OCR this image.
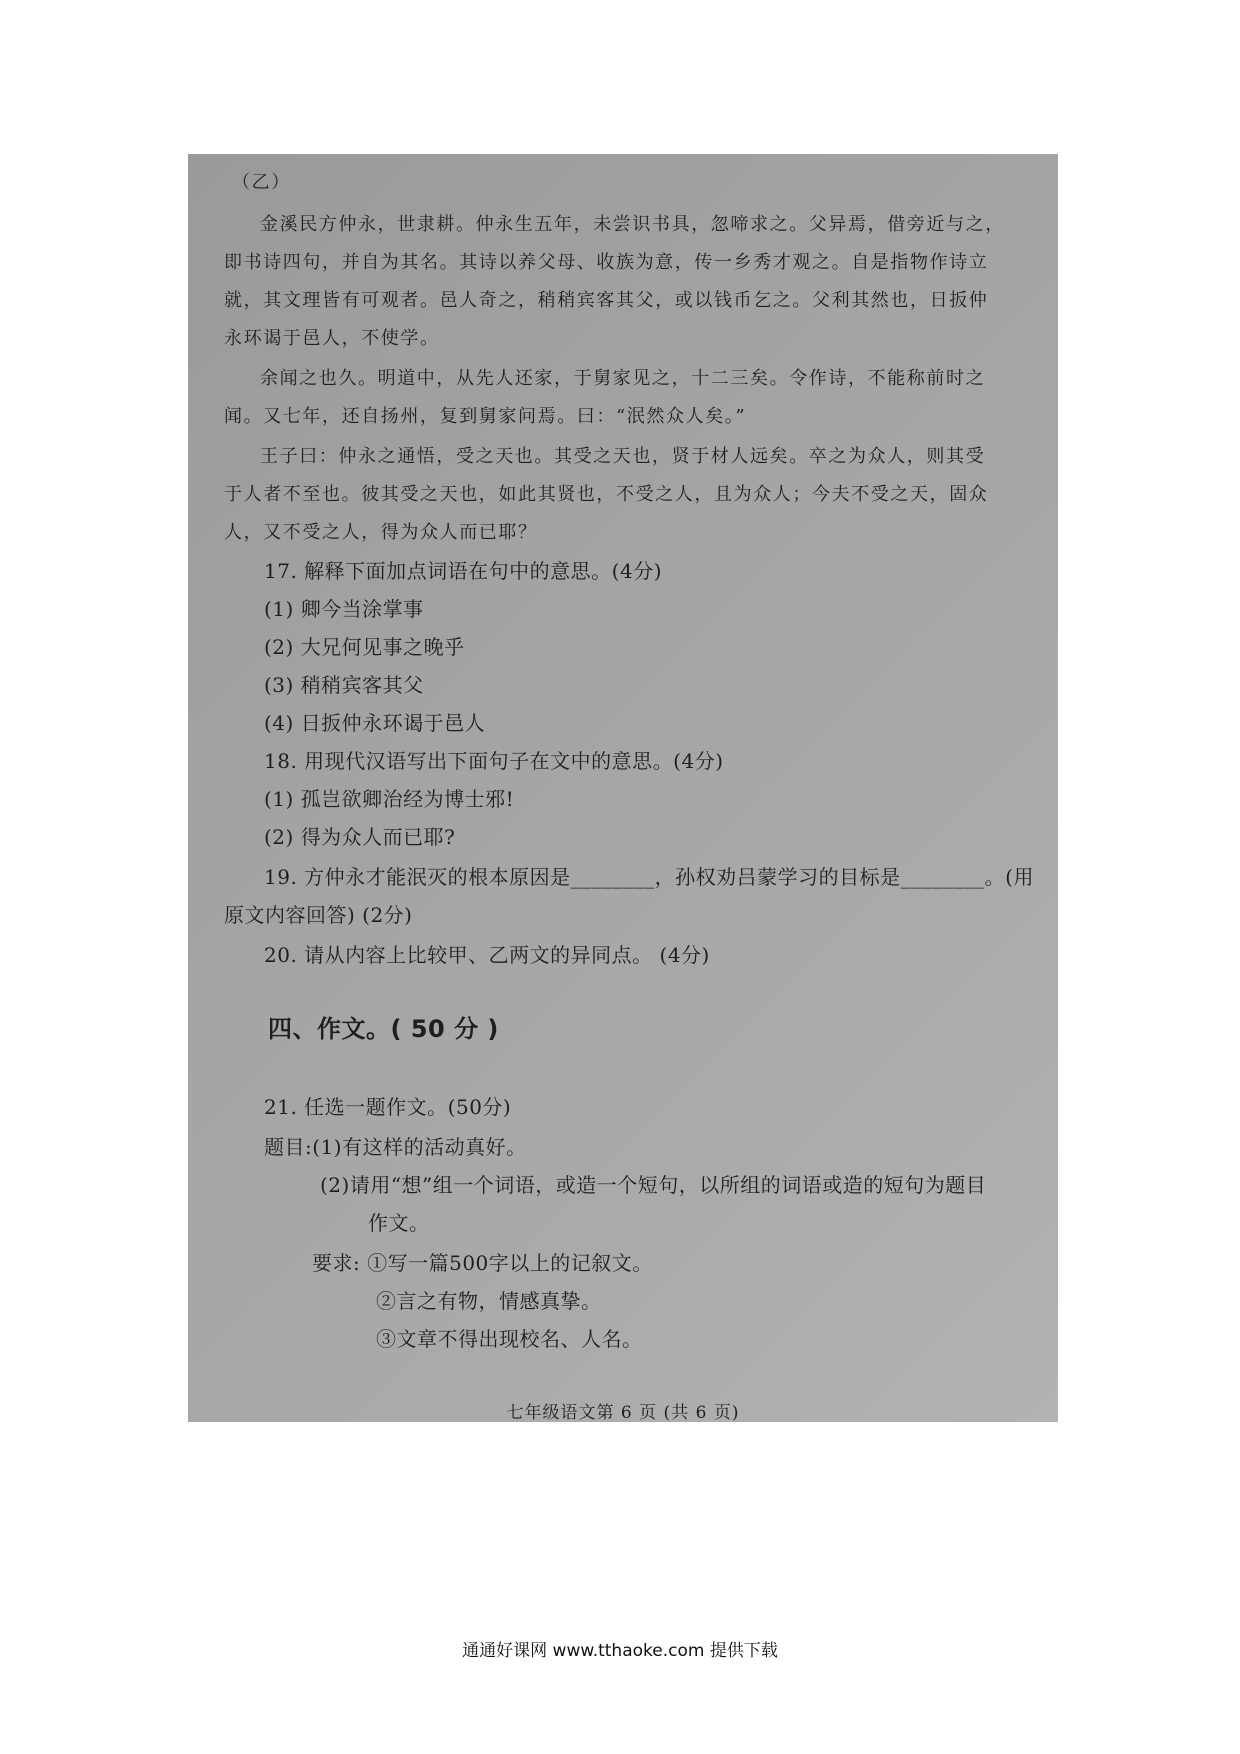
（乙）
金溪民方仲永，世隶耕。仲永生五年，未尝识书具，忽啼求之。父异焉，借旁近与之，
即书诗四句，并自为其名。其诗以养父母、收族为意，传一乡秀才观之。自是指物作诗立
就，其文理皆有可观者。邑人奇之，稍稍宾客其父，或以钱币乞之。父利其然也，日扳仲
永环谒于邑人，不使学。
余闻之也久。明道中，从先人还家，于舅家见之，十二三矣。令作诗，不能称前时之
闻。又七年，还自扬州，复到舅家问焉。曰：“泯然众人矣。”
王子曰：仲永之通悟，受之天也。其受之天也，贤于材人远矣。卒之为众人，则其受
于人者不至也。彼其受之天也，如此其贤也，不受之人，且为众人；今夫不受之天，固众
人，又不受之人，得为众人而已耶？
17. 解释下面加点词语在句中的意思。(4分)
(1) 卿今当涂掌事
(2) 大兄何见事之晚乎
(3) 稍稍宾客其父
(4) 日扳仲永环谒于邑人
18. 用现代汉语写出下面句子在文中的意思。(4分)
(1) 孤岂欲卿治经为博士邪!
(2) 得为众人而已耶?
19. 方仲永才能泯灭的根本原因是________，孙权劝吕蒙学习的目标是________。(用
原文内容回答) (2分)
20. 请从内容上比较甲、乙两文的异同点。 (4分)
四、作文。( 50 分 )
21. 任选一题作文。(50分)
题目:(1)有这样的活动真好。
(2)请用“想”组一个词语，或造一个短句，以所组的词语或造的短句为题目
作文。
要求: ①写一篇500字以上的记叙文。
②言之有物，情感真挚。
③文章不得出现校名、人名。
七年级语文第 6 页 (共 6 页)
通通好课网 www.tthaoke.com 提供下载
